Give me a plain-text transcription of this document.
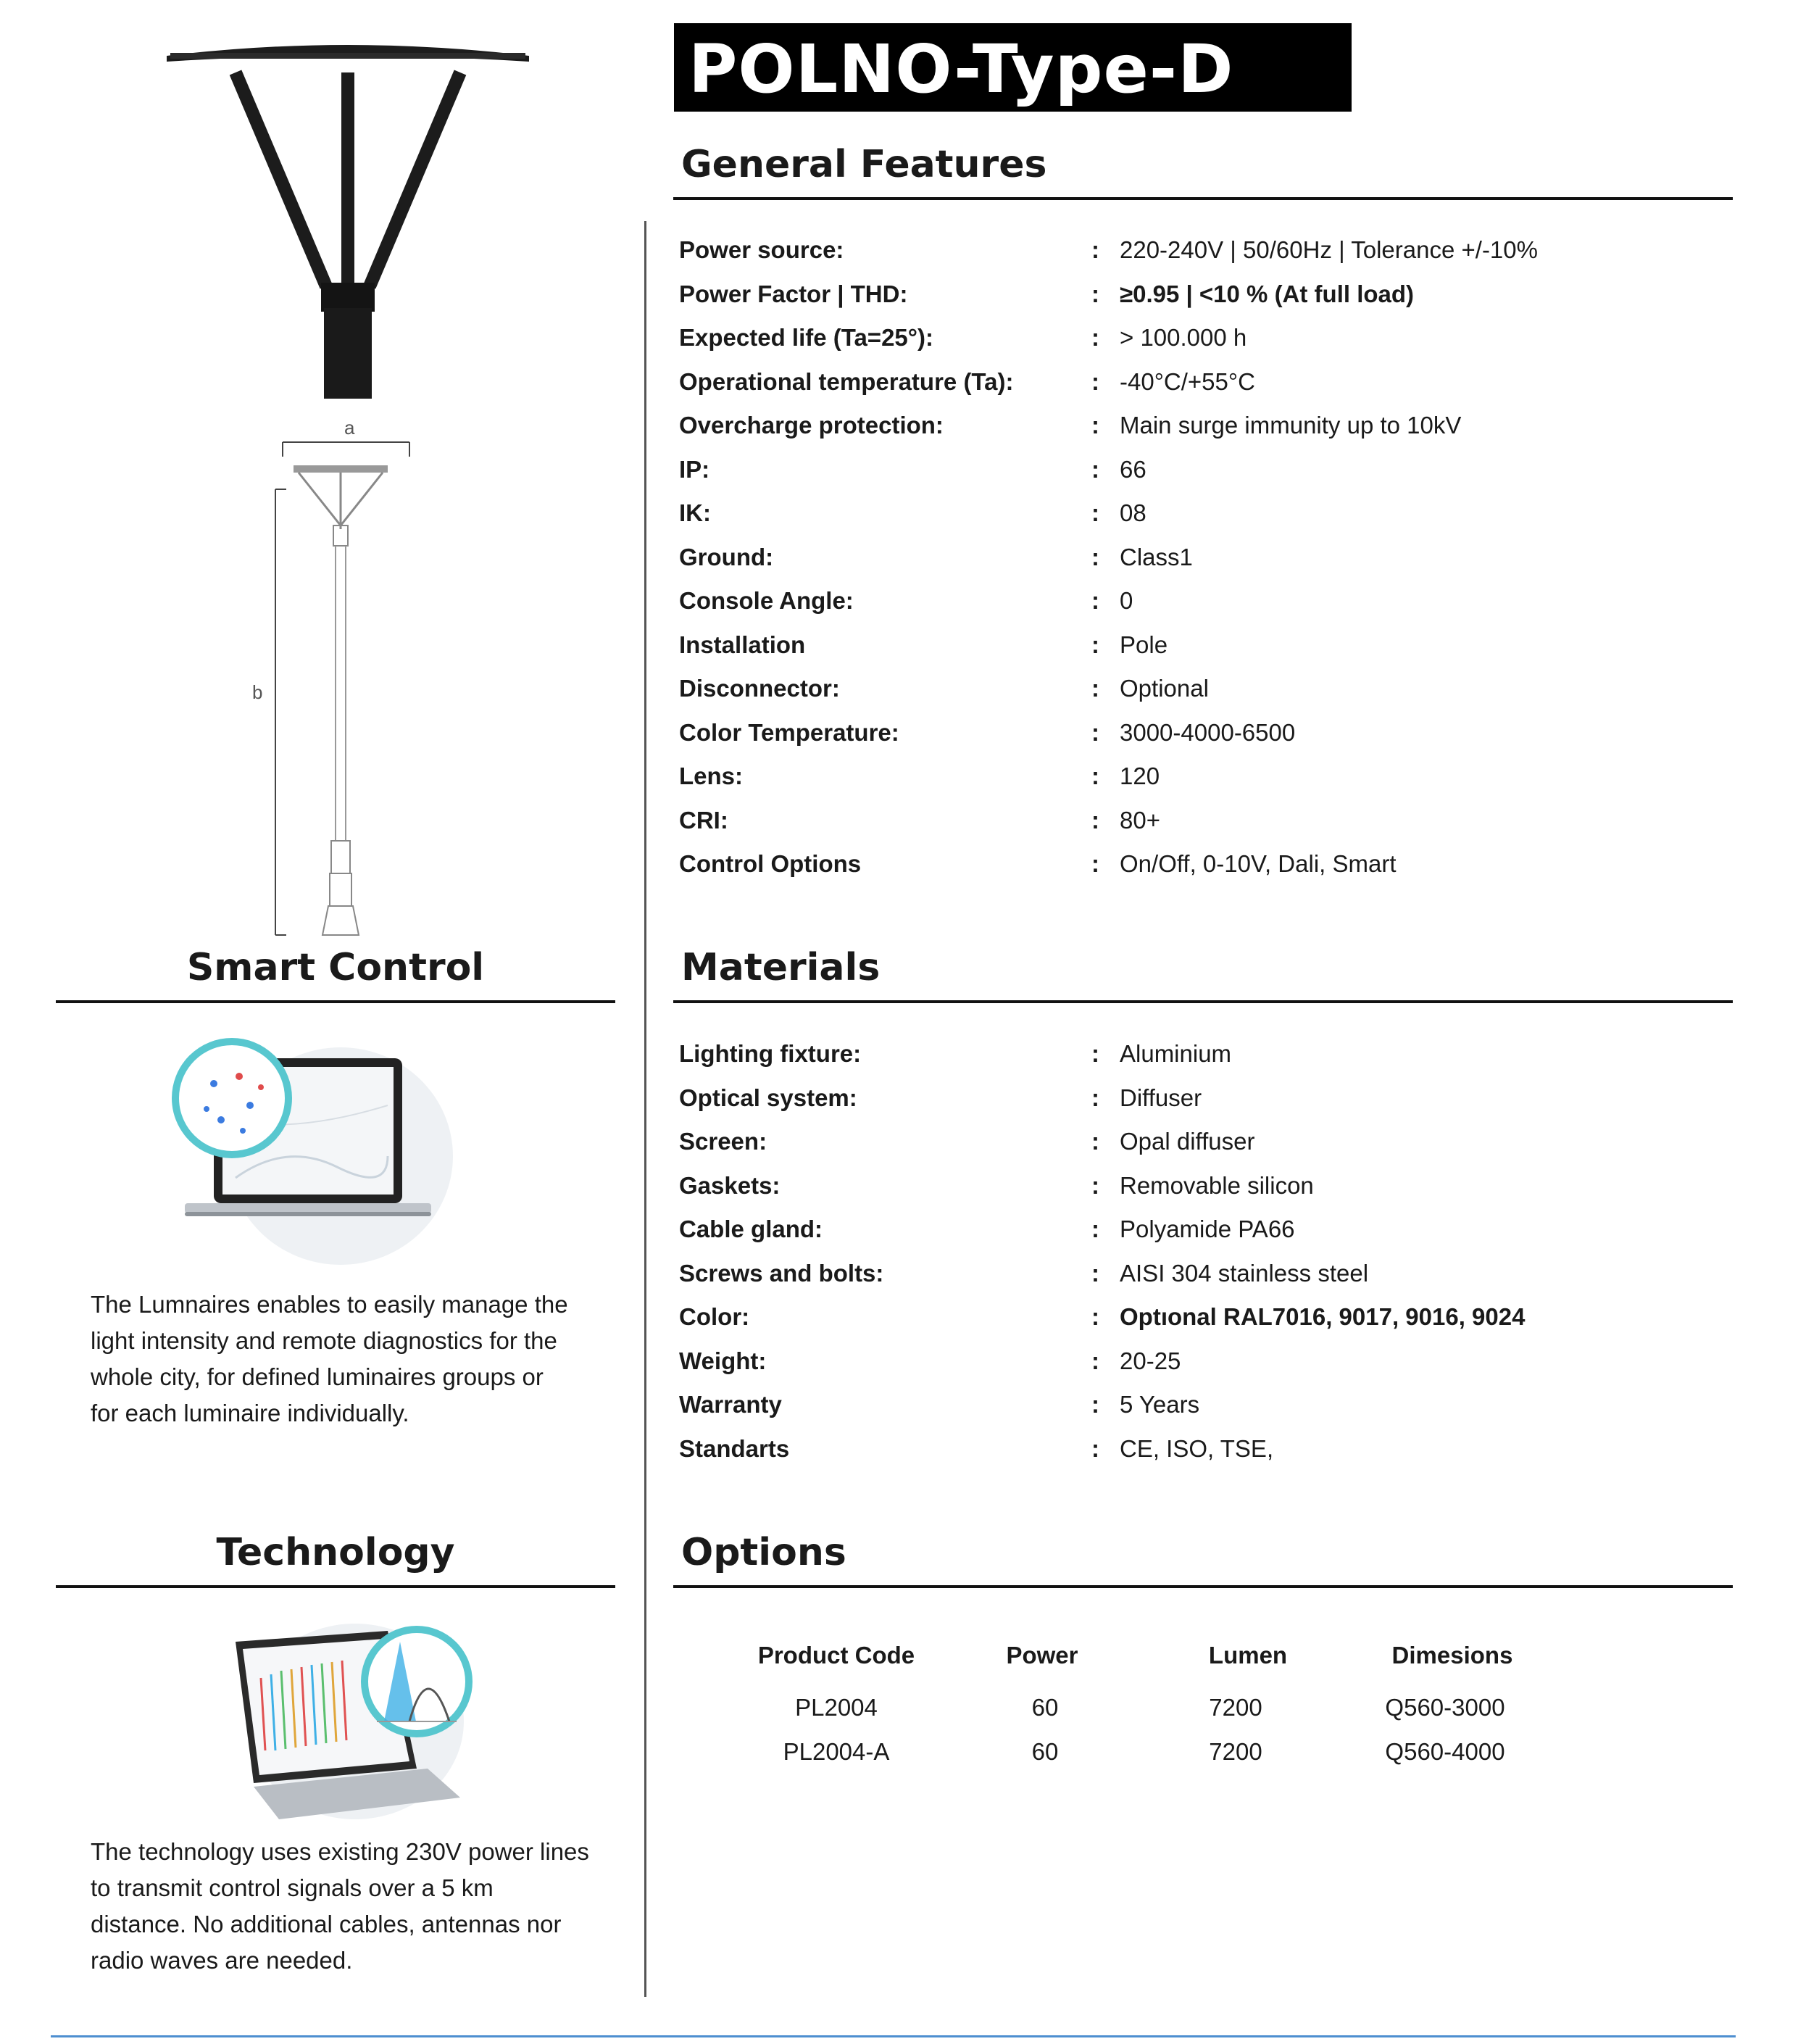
POLNO-Type-D
a
b
General Features
Power source:	: 220-240V | 50/60Hz | Tolerance +/-10%
Power Factor | THD:	: ≥0.95 | <10 % (At full load)
Expected life (Ta=25°):	: > 100.000 h
Operational temperature (Ta):	: -40°C/+55°C
Overcharge protection:	: Main surge immunity up to 10kV
IP:	: 66
IK:	: 08
Ground:	: Class1
Console Angle:	: 0
Installation	: Pole
Disconnector:	: Optional
Color Temperature:	: 3000-4000-6500
Lens:	: 120
CRI:	: 80+
Control Options	: On/Off, 0-10V, Dali, Smart
Materials
Lighting fixture:	: Aluminium
Optical system:	: Diffuser
Screen:	: Opal diffuser
Gaskets:	: Removable silicon
Cable gland:	: Polyamide PA66
Screws and bolts:	: AISI 304 stainless steel
Color:	: Optıonal RAL7016, 9017, 9016, 9024
Weight:	: 20-25
Warranty	: 5 Years
Standarts	: CE, ISO, TSE,
Options
Product Code	Power	Lumen	Dimesions
PL2004	60	7200	Q560-3000
PL2004-A	60	7200	Q560-4000
Smart Control
The Lumnaires enables to easily manage the
light intensity and remote diagnostics for the
whole city, for defined luminaires groups or
for each luminaire individually.
Technology
The technology uses existing 230V power lines
to transmit control signals over a 5 km
distance. No additional cables, antennas nor
radio waves are needed.
